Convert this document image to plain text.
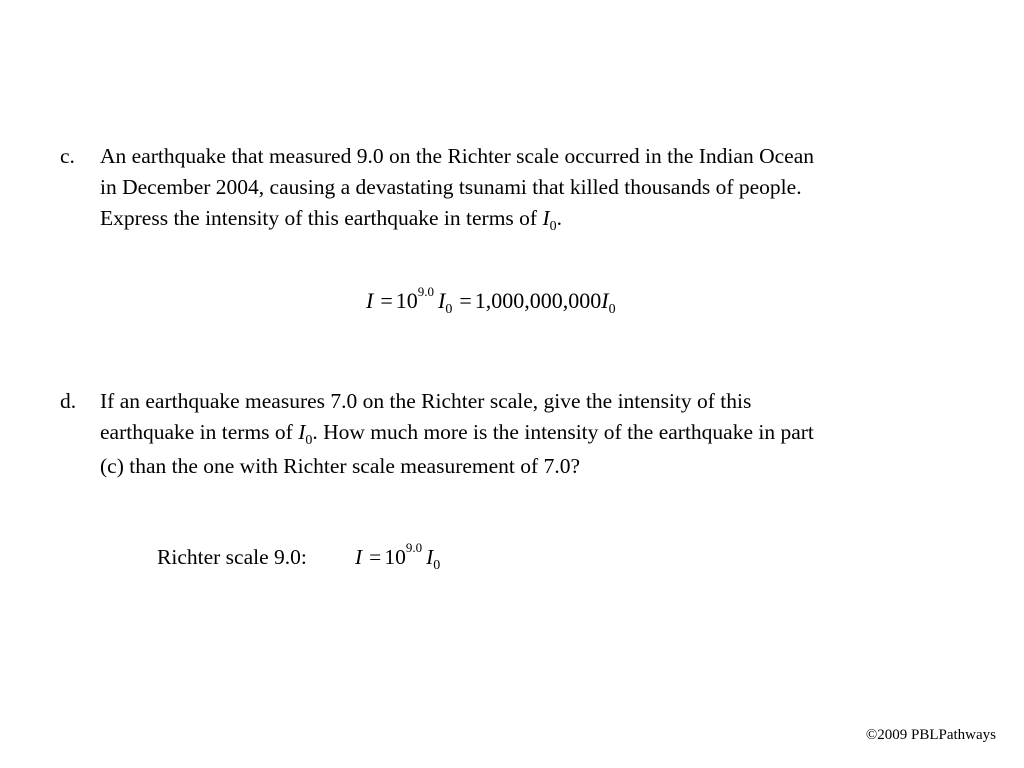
c. An earthquake that measured 9.0 on the Richter scale occurred in the Indian Ocean
in December 2004, causing a devastating tsunami that killed thousands of people.
Express the intensity of this earthquake in terms of $I_0$.
$I = 10^{9.0}$ $I_0 = 1,000,000,000I_0$
d. If an earthquake measures 7.0 on the Richter scale, give the intensity of this
earthquake in terms of $I_0$. How much more is the intensity of the earthquake in part
(c) than the one with Richter scale measurement of 7.0?
Richter scale 9.0: $I = 10^{9.0}$ $I_0$
©2009 PBLPathways
